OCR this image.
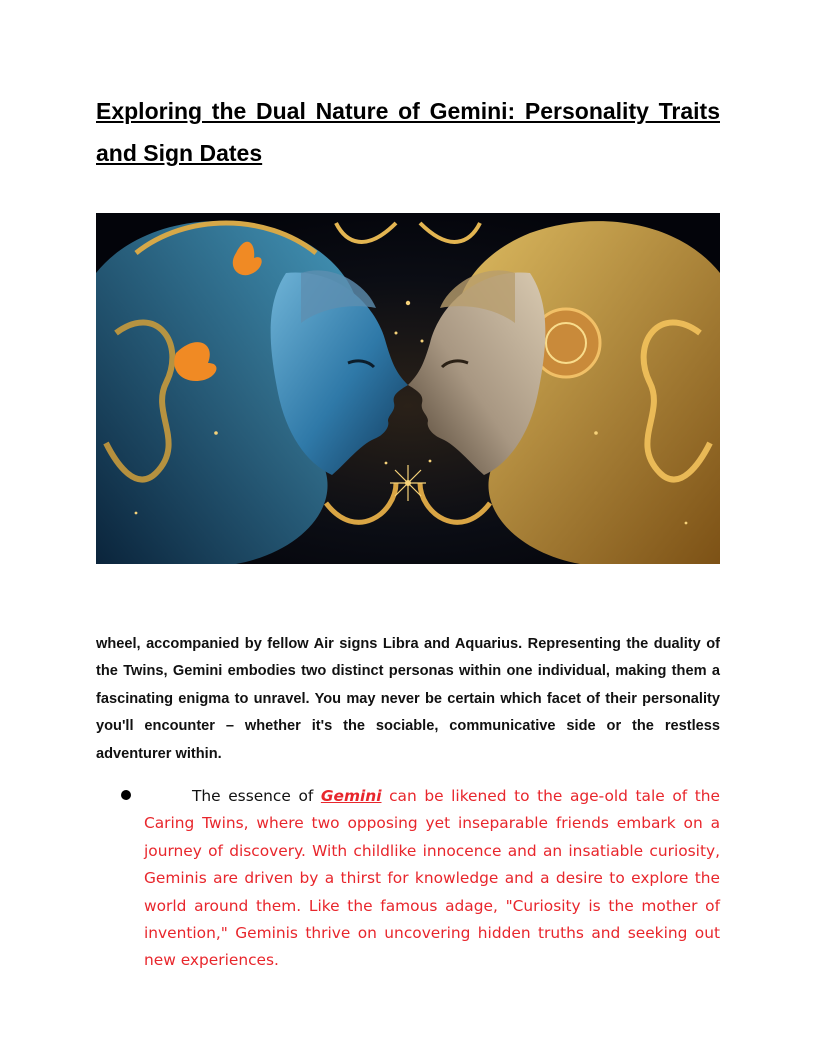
Exploring the Dual Nature of Gemini: Personality Traits and Sign Dates

wheel, accompanied by fellow Air signs Libra and Aquarius. Representing the duality of the Twins, Gemini embodies two distinct personas within one individual, making them a fascinating enigma to unravel. You may never be certain which facet of their personality you'll encounter – whether it's the sociable, communicative side or the restless adventurer within.

The essence of Gemini can be likened to the age-old tale of the Caring Twins, where two opposing yet inseparable friends embark on a journey of discovery. With childlike innocence and an insatiable curiosity, Geminis are driven by a thirst for knowledge and a desire to explore the world around them. Like the famous adage, "Curiosity is the mother of invention," Geminis thrive on uncovering hidden truths and seeking out new experiences.
